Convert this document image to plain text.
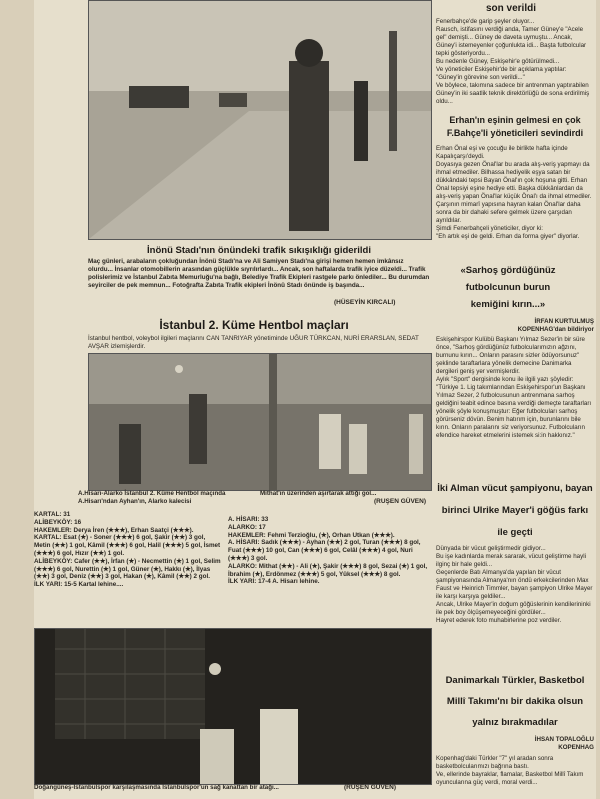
İnönü Stadı'nın önündeki trafik sıkışıklığı giderildi
Maç günleri, arabaların çokluğundan İnönü Stadı'na ve Ali Samiyen Stadı'na girişi hemen hemen imkânsız olurdu... İnsanlar otomobillerin arasından güçlükle sıyrılırlardı... Ancak, son haftalarda trafik iyice düzeldi... Trafik polislerimiz ve İstanbul Zabıta Memurluğu'na bağlı, Belediye Trafik Ekipleri rastgele parkı önlediler... Bu durumdan seyirciler de pek memnun... Fotoğrafta Zabıta Trafik ekipleri İnönü Stadı önünde iş başında...
(HÜSEYİN KIRCALI)
İstanbul 2. Küme Hentbol maçları
İstanbul hentbol, voleybol ilgileri maçlarını CAN TANRIYAR yönetiminde UĞUR TÜRKCAN, NURİ ERARSLAN, SEDAT AVŞAR izlemişlerdir.
A.Hisarı-Alarko İstanbul 2. Küme Hentbol maçında A.Hisarı'ndan Ayhan'ın, Alarko kalecisi
Mithat'ın üzerinden aşırtarak attığı gol...
(RUŞEN GÜVEN)
KARTAL: 31
ALİBEYKÖY: 16
HAKEMLER: Derya İren (★★★), Erhan Saatçi (★★★).
KARTAL: Esat (★) - Soner (★★★) 6 gol, Şakir (★★) 3 gol, Metin (★★) 1 gol, Kâmil (★★★) 6 gol, Halil (★★★) 5 gol, İsmet (★★★) 6 gol, Hızır (★★) 1 gol.
ALİBEYKÖY: Cafer (★★), İrfan (★) - Necmettin (★) 1 gol, Selim (★★★) 6 gol, Nurettin (★) 1 gol, Güner (★), Hakkı (★), İlyas (★★) 3 gol, Deniz (★★) 3 gol, Hakan (★), Kâmil (★★) 2 gol.
İLK YARI: 15-5 Kartal lehine....
A. HİSARI: 33
ALARKO: 17
HAKEMLER: Fehmi Terzioğlu, (★), Orhan Utkan (★★★).
A. HİSARI: Sadık (★★★) - Ayhan (★★) 2 gol, Turan (★★★) 8 gol, Fuat (★★★) 10 gol, Can (★★★) 6 gol, Celâl (★★★) 4 gol, Nuri (★★★) 3 gol.
ALARKO: Mithat (★★) - Ali (★), Şakir (★★★) 8 gol, Sezai (★) 1 gol, İbrahim (★), Erdönmez (★★★) 5 gol, Yüksel (★★★) 8 gol.
İLK YARI: 17-4 A. Hisarı lehine.
Doğangüneş-İstanbulspor karşılaşmasında İstanbulspor'un sağ kanattan bir atağı...	(RUŞEN GÜVEN)
son verildi
Fenerbahçe'de garip şeyler oluyor...
Rausch, istifasını verdiği anda, Tamer Güney'e "Acele gel" demişti... Güney de daveta uymuştu... Ancak, Güney'i istemeyenler çoğunlukta idi... Başta futbolcular tepki gösteriyordu...
Bu nedenle Güney, Eskişehir'e götürülmedi...
Ve yöneticiler Eskişehir'de bir açıklama yaptılar:
"Güney'in görevine son verildi..."
Ve böylece, takımına sadece bir antrenman yaptırabilen Güney'in iki saatlik teknik direktörlüğü de sona erdirilmiş oldu...
Erhan'ın eşinin gelmesi en çok F.Bahçe'li yöneticileri sevindirdi
Erhan Önal eşi ve çocuğu ile birlikte hafta içinde Kapalıçarşı'deydi.
Doyasıya gezen Önal'lar bu arada alış-veriş yapmayı da ihmal etmediler. Bilhassa hediyelik eşya satan bir dükkândaki tepsi Bayan Önal'ın çok hoşuna gitti. Erhan Önal tepsiyi eşine hediye etti. Başka dükkânlardan da alış-veriş yapan Önal'lar küçük Önal'ı da ihmal etmediler.
Çarşının mimarî yapısına hayran kalan Önal'lar daha sonra da bir dahaki sefere gelmek üzere çarşıdan ayrıldılar.
Şimdi Fenerbahçeli yöneticiler, diyor ki:
"Eh artık eşi de geldi. Erhan da forma giyer" diyorlar.
«Sarhoş gördüğünüz futbolcunun burun kemiğini kırın...»
İRFAN KURTULMUŞ
KOPENHAG'dan bildiriyor
Eskişehirspor Kulübü Başkanı Yılmaz Sezer'in bir süre önce, "Sarhoş gördüğünüz futbolcularımızın ağzını, burnunu kırın... Onların parasını sizler ödüyorsunuz" şeklinde taraftarlara yönelik demecine Danimarka dergileri geniş yer vermişlerdir.
Aylık "Sport" dergisinde konu ile ilgili yazı şöyledir:
"Türkiye 1. Lig takımlarından Eskişehirspor'un Başkanı Yılmaz Sezer, 2 futbolcusunun antrenmana sarhoş geldiğini teabit edince basına verdiği demeçte taraftarları yönelik şöyle konuşmuştur: Eğer futbolcuları sarhoş görürseniz dövün. Benim hatırım için, burunlarını bile kırın. Onların paralarını siz veriyorsunuz. Futbolcuların efendice hareket etmelerini istemek si:in hakkınız."
İki Alman vücut şampiyonu, bayan birinci Ulrike Mayer'i göğüs farkı ile geçti
Dünyada bir vücut geliştirmedir gidiyor...
Bu işe kadınlarda merak sararak, vücut geliştirme hayli ilginç bir hale geldi...
Geçenlerde Batı Almanya'da yapılan bir vücut şampiyonasında Almanya'nın öndü erkekcilerinden Max Faust ve Heinrich Timmler, bayan şampiyon Ulrike Mayer ile karşı karşıya geldiler...
Ancak, Ulrike Mayer'in doğum göğüslerinin kendilerininki ile pek boy ölçüşemeyeceğini gördüler...
Hayret ederek foto muhabirlerine poz verdiler.
Danimarkalı Türkler, Basketbol Millî Takımı'nı bir dakika olsun yalnız bırakmadılar
İHSAN TOPALOĞLU
KOPENHAG
Kopenhag'daki Türkler "7" yıl aradan sonra basketbolcularımızı bağrına bastı.
Ve, ellerinde bayraklar, flamalar, Basketbol Millî Takım oyuncularına güç verdi, moral verdi...
